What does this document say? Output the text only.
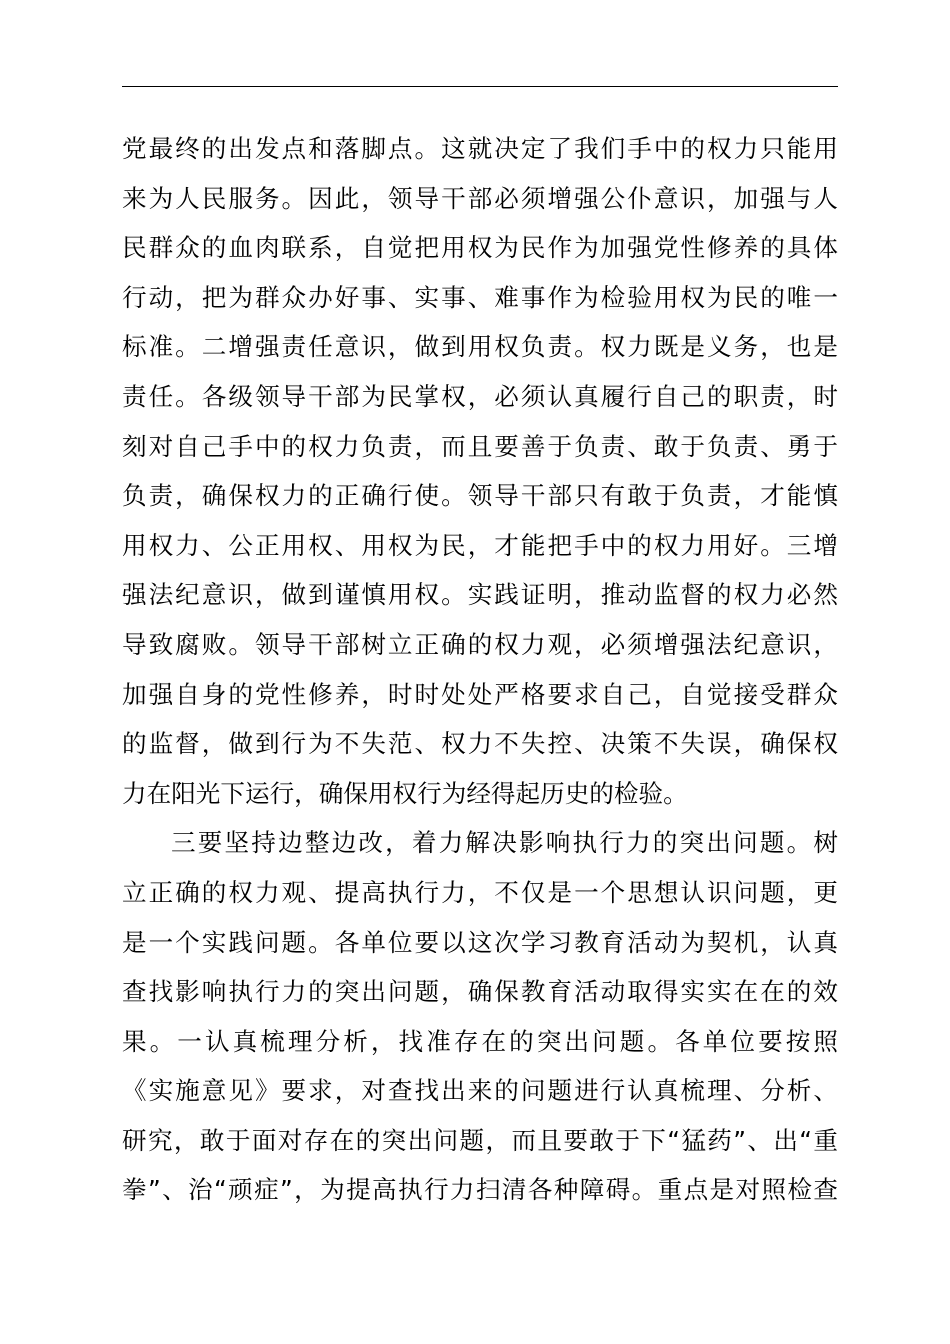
党最终的出发点和落脚点。这就决定了我们手中的权力只能用
来为人民服务。因此，领导干部必须增强公仆意识，加强与人
民群众的血肉联系，自觉把用权为民作为加强党性修养的具体
行动，把为群众办好事、实事、难事作为检验用权为民的唯一
标准。二增强责任意识，做到用权负责。权力既是义务，也是
责任。各级领导干部为民掌权，必须认真履行自己的职责，时
刻对自己手中的权力负责，而且要善于负责、敢于负责、勇于
负责，确保权力的正确行使。领导干部只有敢于负责，才能慎
用权力、公正用权、用权为民，才能把手中的权力用好。三增
强法纪意识，做到谨慎用权。实践证明，推动监督的权力必然
导致腐败。领导干部树立正确的权力观，必须增强法纪意识，
加强自身的党性修养，时时处处严格要求自己，自觉接受群众
的监督，做到行为不失范、权力不失控、决策不失误，确保权
力在阳光下运行，确保用权行为经得起历史的检验。
三要坚持边整边改，着力解决影响执行力的突出问题。树
立正确的权力观、提高执行力，不仅是一个思想认识问题，更
是一个实践问题。各单位要以这次学习教育活动为契机，认真
查找影响执行力的突出问题，确保教育活动取得实实在在的效
果。一认真梳理分析，找准存在的突出问题。各单位要按照
《实施意见》要求，对查找出来的问题进行认真梳理、分析、
研究，敢于面对存在的突出问题，而且要敢于下“猛药”、出“重
拳”、治“顽症”，为提高执行力扫清各种障碍。重点是对照检查
